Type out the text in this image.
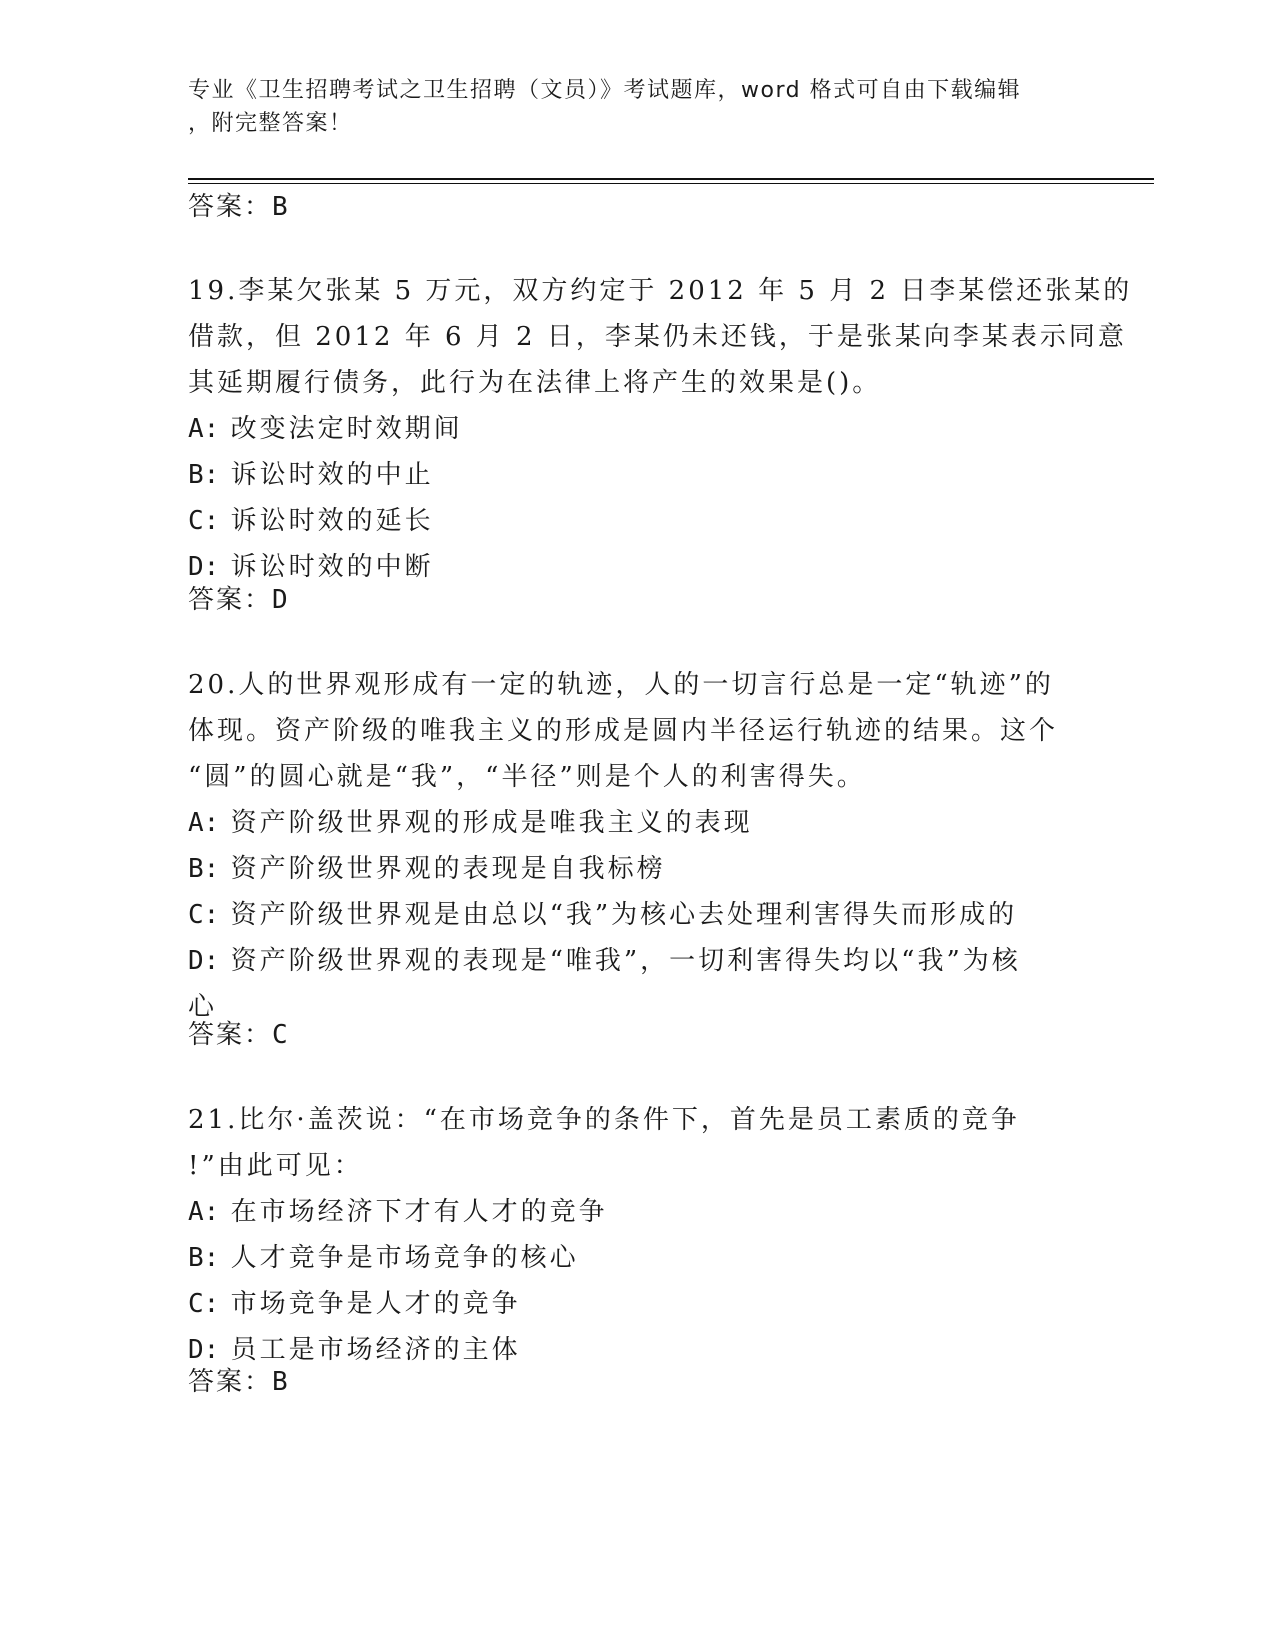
专业《卫生招聘考试之卫生招聘（文员）》考试题库，word 格式可自由下载编辑
，附完整答案！
答案：B
19.李某欠张某 5 万元，双方约定于 2012 年 5 月 2 日李某偿还张某的
借款，但 2012 年 6 月 2 日，李某仍未还钱，于是张某向李某表示同意
其延期履行债务，此行为在法律上将产生的效果是()。
A: 改变法定时效期间
B: 诉讼时效的中止
C: 诉讼时效的延长
D: 诉讼时效的中断
答案：D
20.人的世界观形成有一定的轨迹，人的一切言行总是一定“轨迹”的
体现。资产阶级的唯我主义的形成是圆内半径运行轨迹的结果。这个
“圆”的圆心就是“我”，“半径”则是个人的利害得失。
A: 资产阶级世界观的形成是唯我主义的表现
B: 资产阶级世界观的表现是自我标榜
C: 资产阶级世界观是由总以“我”为核心去处理利害得失而形成的
D: 资产阶级世界观的表现是“唯我”，一切利害得失均以“我”为核
心
答案：C
21.比尔·盖茨说：“在市场竞争的条件下，首先是员工素质的竞争
!”由此可见：
A: 在市场经济下才有人才的竞争
B: 人才竞争是市场竞争的核心
C: 市场竞争是人才的竞争
D: 员工是市场经济的主体
答案：B
